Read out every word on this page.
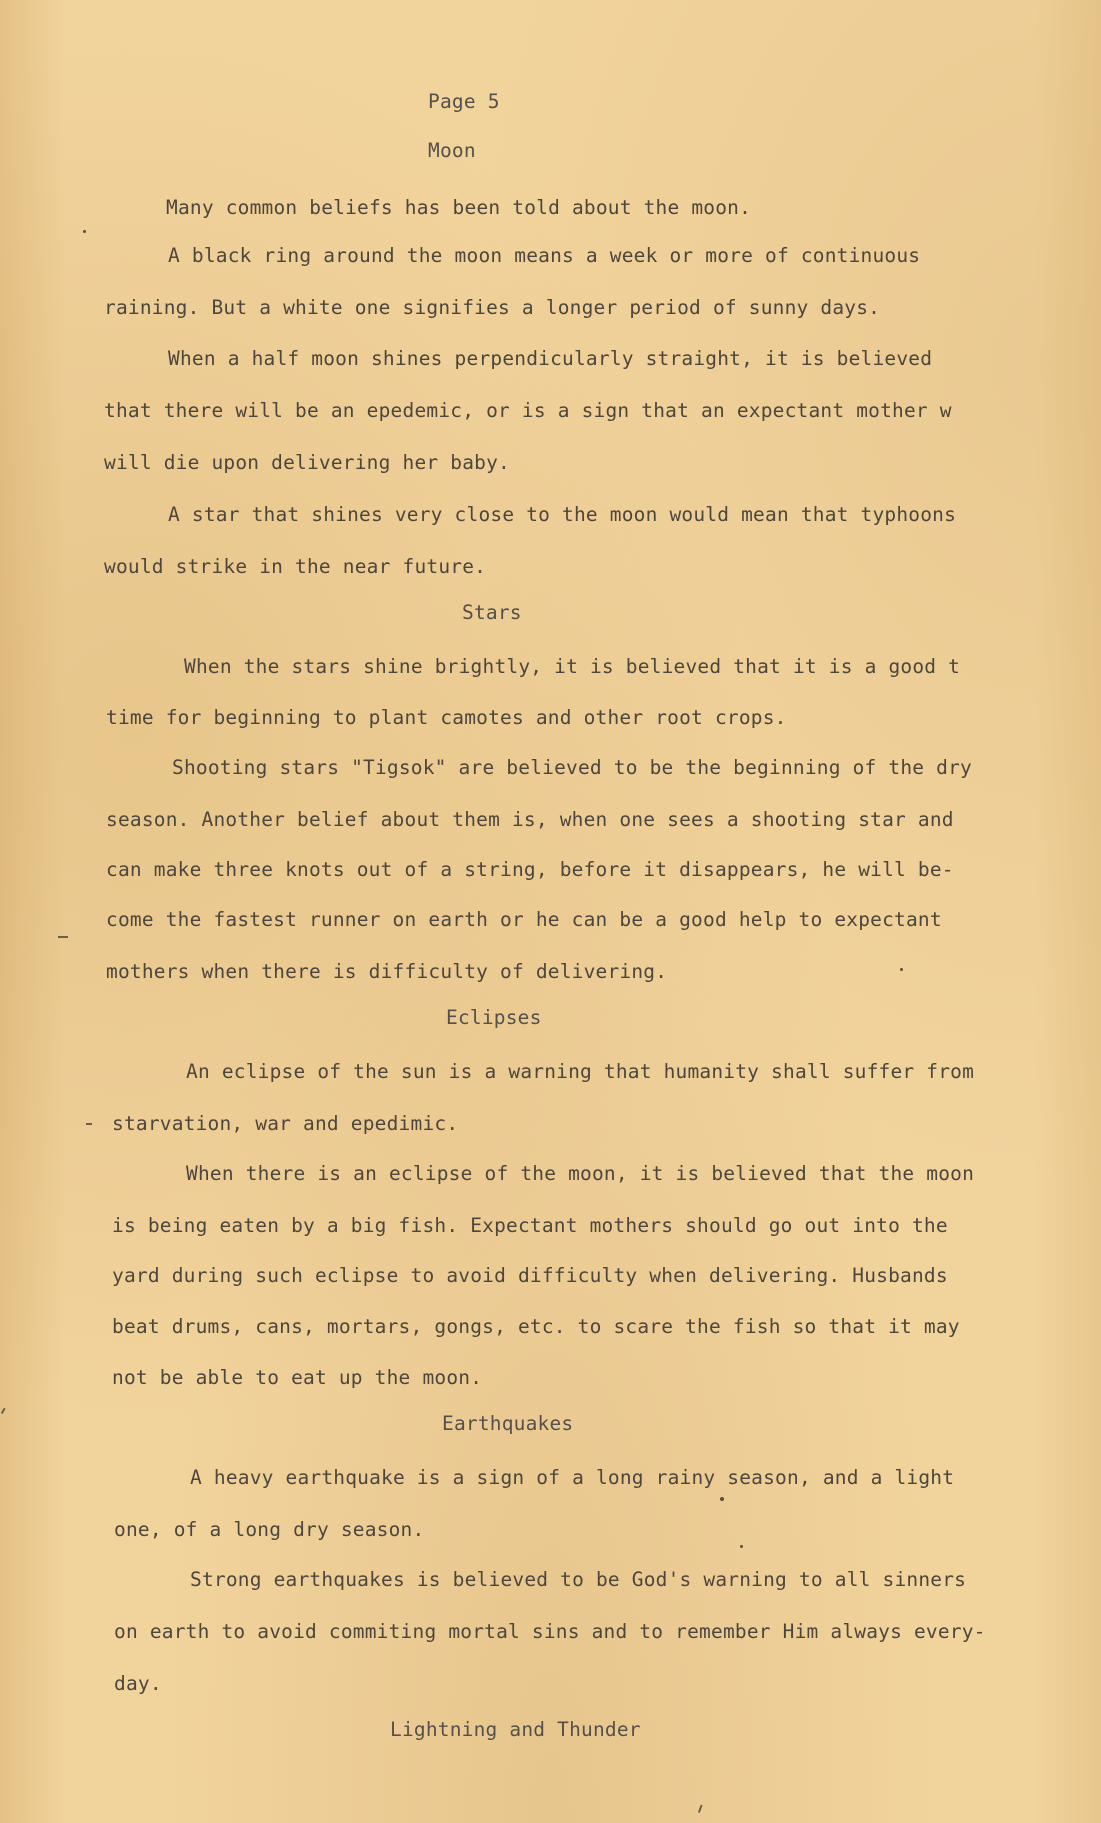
Page 5
Moon
Many common beliefs has been told about the moon.
A black ring around the moon means a week or more of continuous
raining. But a white one signifies a longer period of sunny days.
When a half moon shines perpendicularly straight, it is believed
that there will be an epedemic, or is a sign that an expectant mother w
will die upon delivering her baby.
A star that shines very close to the moon would mean that typhoons
would strike in the near future.
Stars
When the stars shine brightly, it is believed that it is a good t
time for beginning to plant camotes and other root crops.
Shooting stars "Tigsok" are believed to be the beginning of the dry
season. Another belief about them is, when one sees a shooting star and
can make three knots out of a string, before it disappears, he will be-
come the fastest runner on earth or he can be a good help to expectant
mothers when there is difficulty of delivering.
Eclipses
An eclipse of the sun is a warning that humanity shall suffer from
starvation, war and epedimic.
When there is an eclipse of the moon, it is believed that the moon
is being eaten by a big fish. Expectant mothers should go out into the
yard during such eclipse to avoid difficulty when delivering. Husbands
beat drums, cans, mortars, gongs, etc. to scare the fish so that it may
not be able to eat up the moon.
Earthquakes
A heavy earthquake is a sign of a long rainy season, and a light
one, of a long dry season.
Strong earthquakes is believed to be God's warning to all sinners
on earth to avoid commiting mortal sins and to remember Him always every-
day.
Lightning and Thunder
